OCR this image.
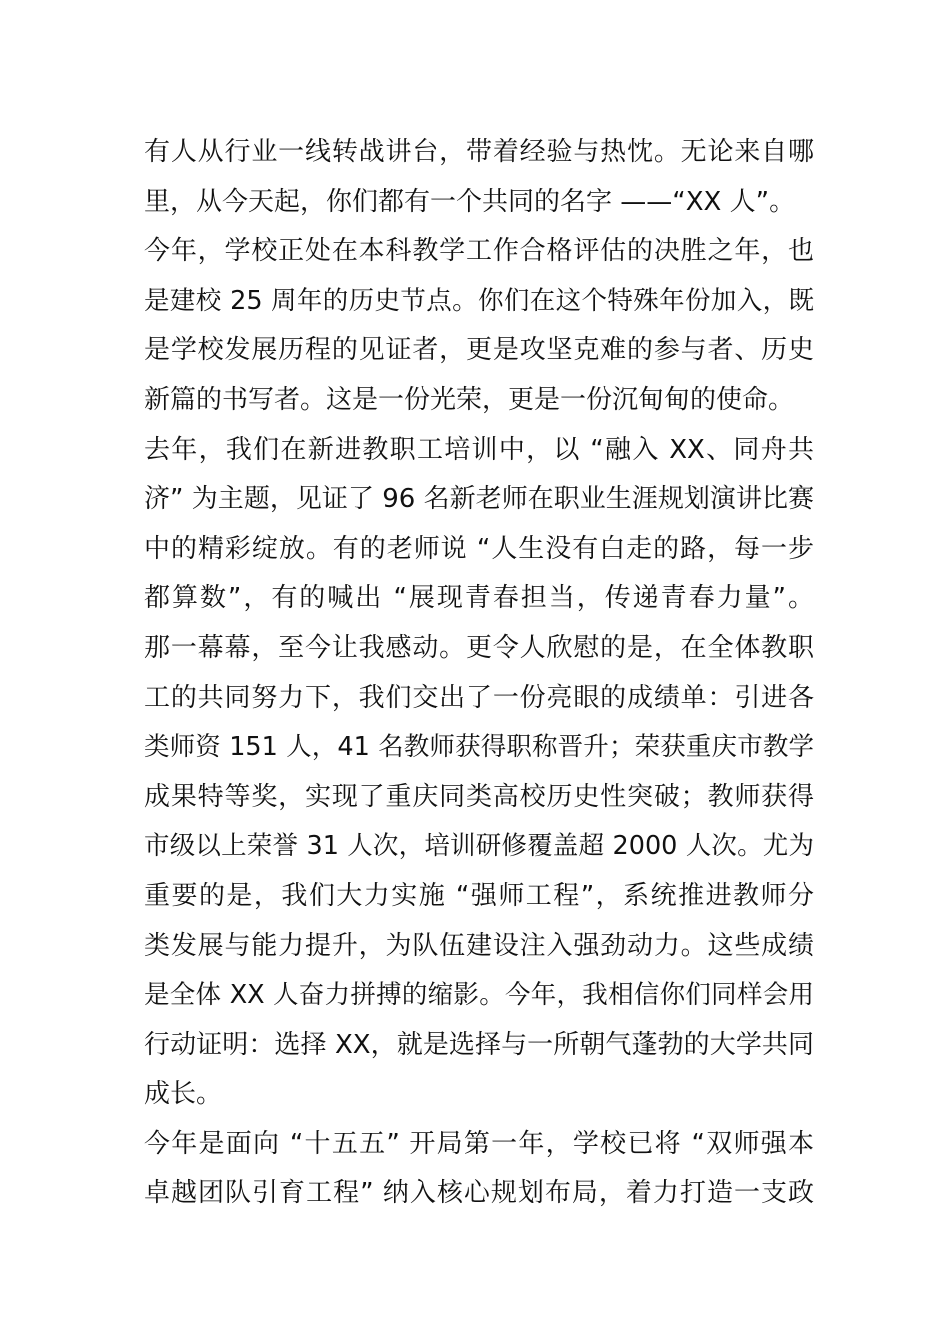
有人从行业一线转战讲台，带着经验与热忱。无论来自哪
里，从今天起，你们都有一个共同的名字 ——“XX 人”。
今年，学校正处在本科教学工作合格评估的决胜之年，也
是建校 25 周年的历史节点。你们在这个特殊年份加入，既
是学校发展历程的见证者，更是攻坚克难的参与者、历史
新篇的书写者。这是一份光荣，更是一份沉甸甸的使命。
去年，我们在新进教职工培训中，以 “融入 XX、同舟共
济” 为主题，见证了 96 名新老师在职业生涯规划演讲比赛
中的精彩绽放。有的老师说 “人生没有白走的路，每一步
都算数”，有的喊出 “展现青春担当，传递青春力量”。
那一幕幕，至今让我感动。更令人欣慰的是，在全体教职
工的共同努力下，我们交出了一份亮眼的成绩单：引进各
类师资 151 人，41 名教师获得职称晋升；荣获重庆市教学
成果特等奖，实现了重庆同类高校历史性突破；教师获得
市级以上荣誉 31 人次，培训研修覆盖超 2000 人次。尤为
重要的是，我们大力实施 “强师工程”，系统推进教师分
类发展与能力提升，为队伍建设注入强劲动力。这些成绩
是全体 XX 人奋力拼搏的缩影。今年，我相信你们同样会用
行动证明：选择 XX，就是选择与一所朝气蓬勃的大学共同
成长。
今年是面向 “十五五” 开局第一年，学校已将 “双师强本
卓越团队引育工程” 纳入核心规划布局，着力打造一支政
